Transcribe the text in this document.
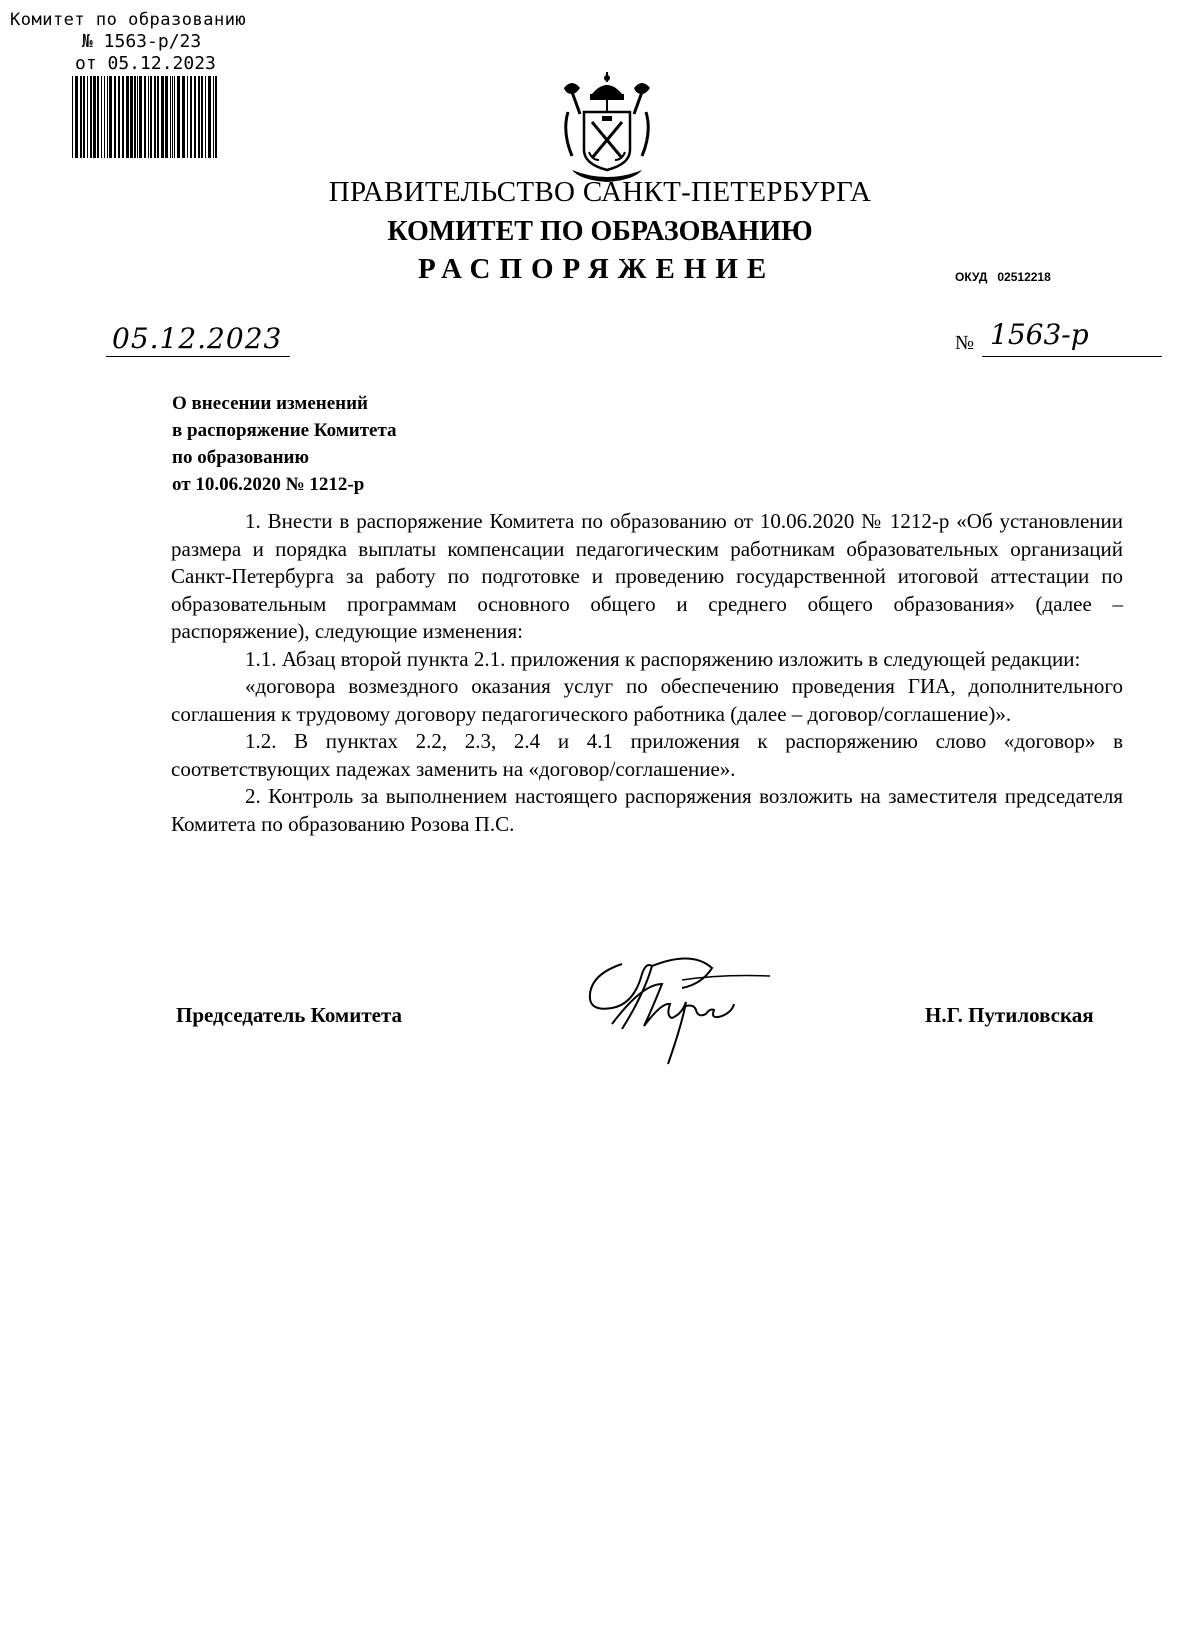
Комитет по образованию
№ 1563-р/23
от 05.12.2023
ПРАВИТЕЛЬСТВО САНКТ-ПЕТЕРБУРГА
КОМИТЕТ ПО ОБРАЗОВАНИЮ
РАСПОРЯЖЕНИЕ	ОКУД 02512218
05.12.2023	№ 1563-р
О внесении изменений
в распоряжение Комитета
по образованию
от 10.06.2020 № 1212-р

1. Внести в распоряжение Комитета по образованию от 10.06.2020 № 1212-р «Об установлении размера и порядка выплаты компенсации педагогическим работникам образовательных организаций Санкт-Петербурга за работу по подготовке и проведению государственной итоговой аттестации по образовательным программам основного общего и среднего общего образования» (далее – распоряжение), следующие изменения:

1.1. Абзац второй пункта 2.1. приложения к распоряжению изложить в следующей редакции:

«договора возмездного оказания услуг по обеспечению проведения ГИА, дополнительного соглашения к трудовому договору педагогического работника (далее – договор/соглашение)».

1.2. В пунктах 2.2, 2.3, 2.4 и 4.1 приложения к распоряжению слово «договор» в соответствующих падежах заменить на «договор/соглашение».

2. Контроль за выполнением настоящего распоряжения возложить на заместителя председателя Комитета по образованию Розова П.С.

Председатель Комитета	Н.Г. Путиловская
